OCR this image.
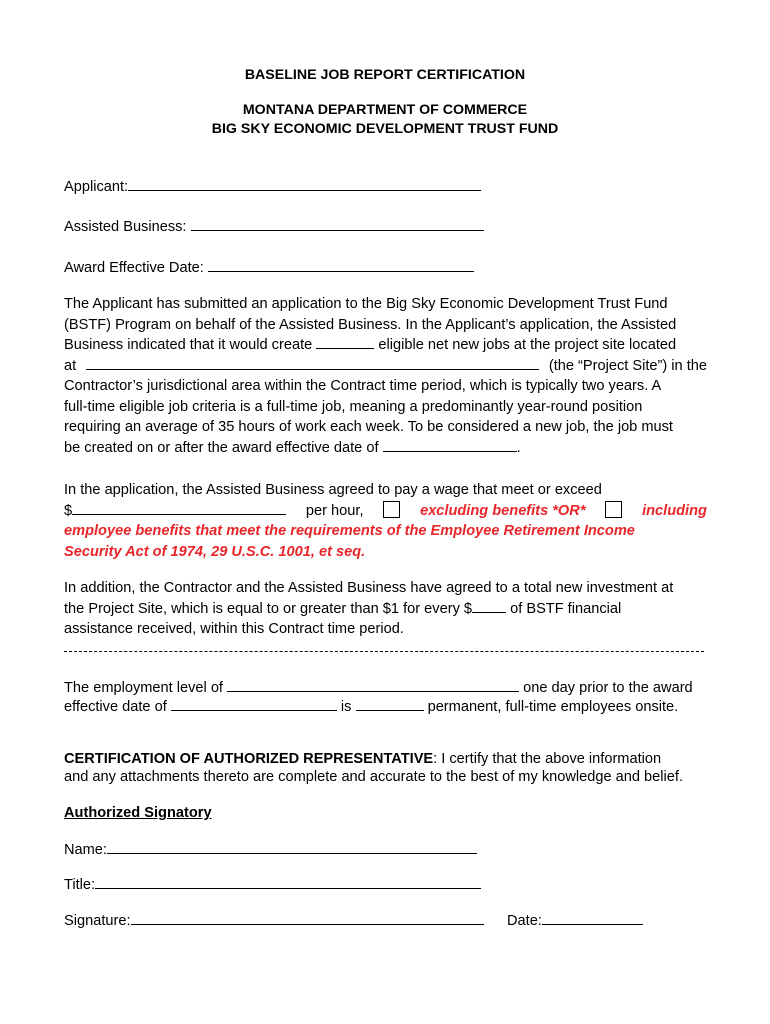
BASELINE JOB REPORT CERTIFICATION
MONTANA DEPARTMENT OF COMMERCE
BIG SKY ECONOMIC DEVELOPMENT TRUST FUND
Applicant:
Assisted Business:
Award Effective Date:
The Applicant has submitted an application to the Big Sky Economic Development Trust Fund
(BSTF) Program on behalf of the Assisted Business. In the Applicant’s application, the Assisted
Business indicated that it would create	eligible net new jobs at the project site located
at	(the “Project Site”) in the
Contractor’s jurisdictional area within the Contract time period, which is typically two years. A
full-time eligible job criteria is a full-time job, meaning a predominantly year-round position
requiring an average of 35 hours of work each week. To be considered a new job, the job must
be created on or after the award effective date of	.
In the application, the Assisted Business agreed to pay a wage that meet or exceed
$	per hour,	excluding benefits *OR*	including
employee benefits that meet the requirements of the Employee Retirement Income
Security Act of 1974, 29 U.S.C. 1001, et seq.
In addition, the Contractor and the Assisted Business have agreed to a total new investment at
the Project Site, which is equal to or greater than $1 for every $	of BSTF financial
assistance received, within this Contract time period.
The employment level of	one day prior to the award
effective date of	is	permanent, full-time employees onsite.
CERTIFICATION OF AUTHORIZED REPRESENTATIVE: I certify that the above information
and any attachments thereto are complete and accurate to the best of my knowledge and belief.
Authorized Signatory
Name:
Title:
Signature:	Date:
